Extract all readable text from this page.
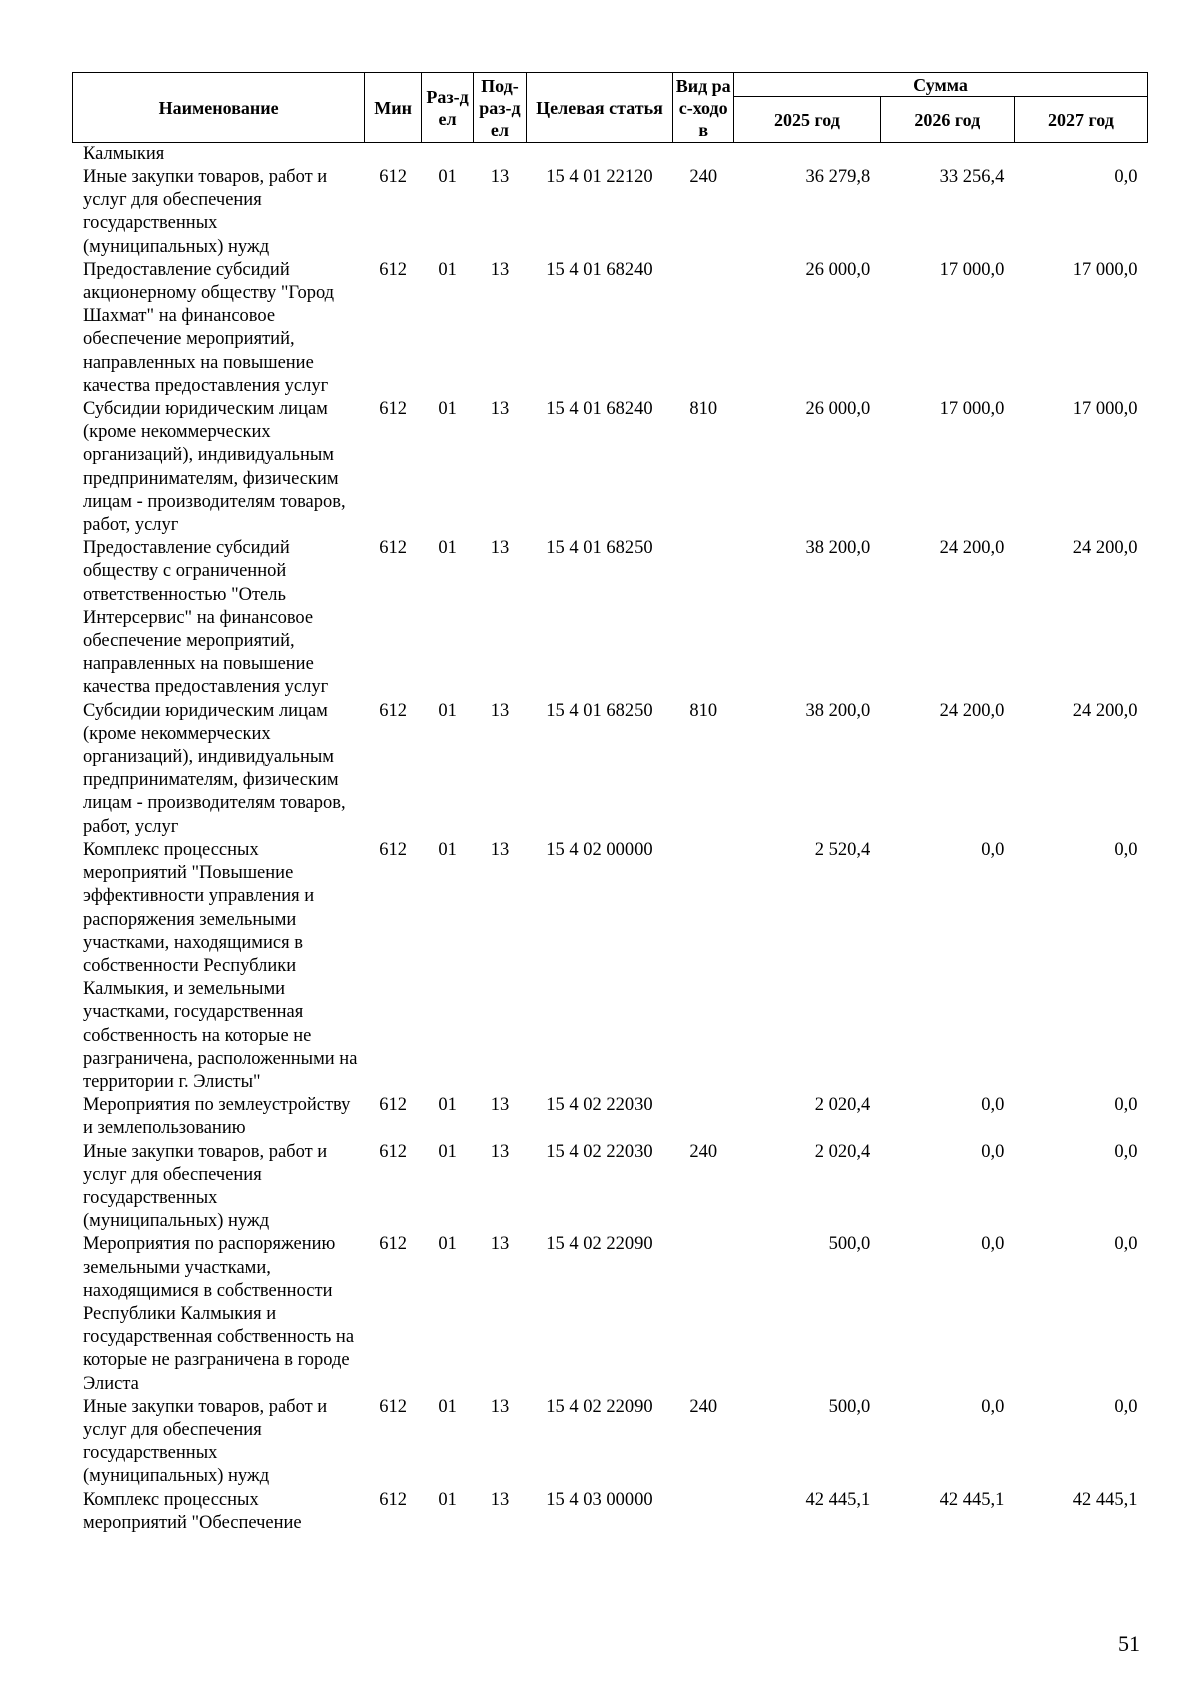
Наименование	Мин	Раз-дел	Под-раз-дел	Целевая статья	Вид рас-ходов	Сумма		
						2025 год	2026 год	2027 год
Калмыкия								
Иные закупки товаров, работ и услуг для обеспечения государственных (муниципальных) нужд	612	01	13	15 4 01 22120	240	36 279,8	33 256,4	0,0
Предоставление субсидий акционерному обществу "Город Шахмат" на финансовое обеспечение мероприятий, направленных на повышение качества предоставления услуг	612	01	13	15 4 01 68240		26 000,0	17 000,0	17 000,0
Субсидии юридическим лицам (кроме некоммерческих организаций), индивидуальным предпринимателям, физическим лицам - производителям товаров, работ, услуг	612	01	13	15 4 01 68240	810	26 000,0	17 000,0	17 000,0
Предоставление субсидий обществу с ограниченной ответственностью "Отель Интерсервис" на финансовое обеспечение мероприятий, направленных на повышение качества предоставления услуг	612	01	13	15 4 01 68250		38 200,0	24 200,0	24 200,0
Субсидии юридическим лицам (кроме некоммерческих организаций), индивидуальным предпринимателям, физическим лицам - производителям товаров, работ, услуг	612	01	13	15 4 01 68250	810	38 200,0	24 200,0	24 200,0
Комплекс процессных мероприятий "Повышение эффективности управления и распоряжения земельными участками, находящимися в собственности Республики Калмыкия, и земельными участками, государственная собственность на которые не разграничена, расположенными на территории г. Элисты"	612	01	13	15 4 02 00000		2 520,4	0,0	0,0
Мероприятия по землеустройству и землепользованию	612	01	13	15 4 02 22030		2 020,4	0,0	0,0
Иные закупки товаров, работ и услуг для обеспечения государственных (муниципальных) нужд	612	01	13	15 4 02 22030	240	2 020,4	0,0	0,0
Мероприятия по распоряжению земельными участками, находящимися в собственности Республики Калмыкия и государственная собственность на которые не разграничена в городе Элиста	612	01	13	15 4 02 22090		500,0	0,0	0,0
Иные закупки товаров, работ и услуг для обеспечения государственных (муниципальных) нужд	612	01	13	15 4 02 22090	240	500,0	0,0	0,0
Комплекс процессных мероприятий "Обеспечение	612	01	13	15 4 03 00000		42 445,1	42 445,1	42 445,1
51
